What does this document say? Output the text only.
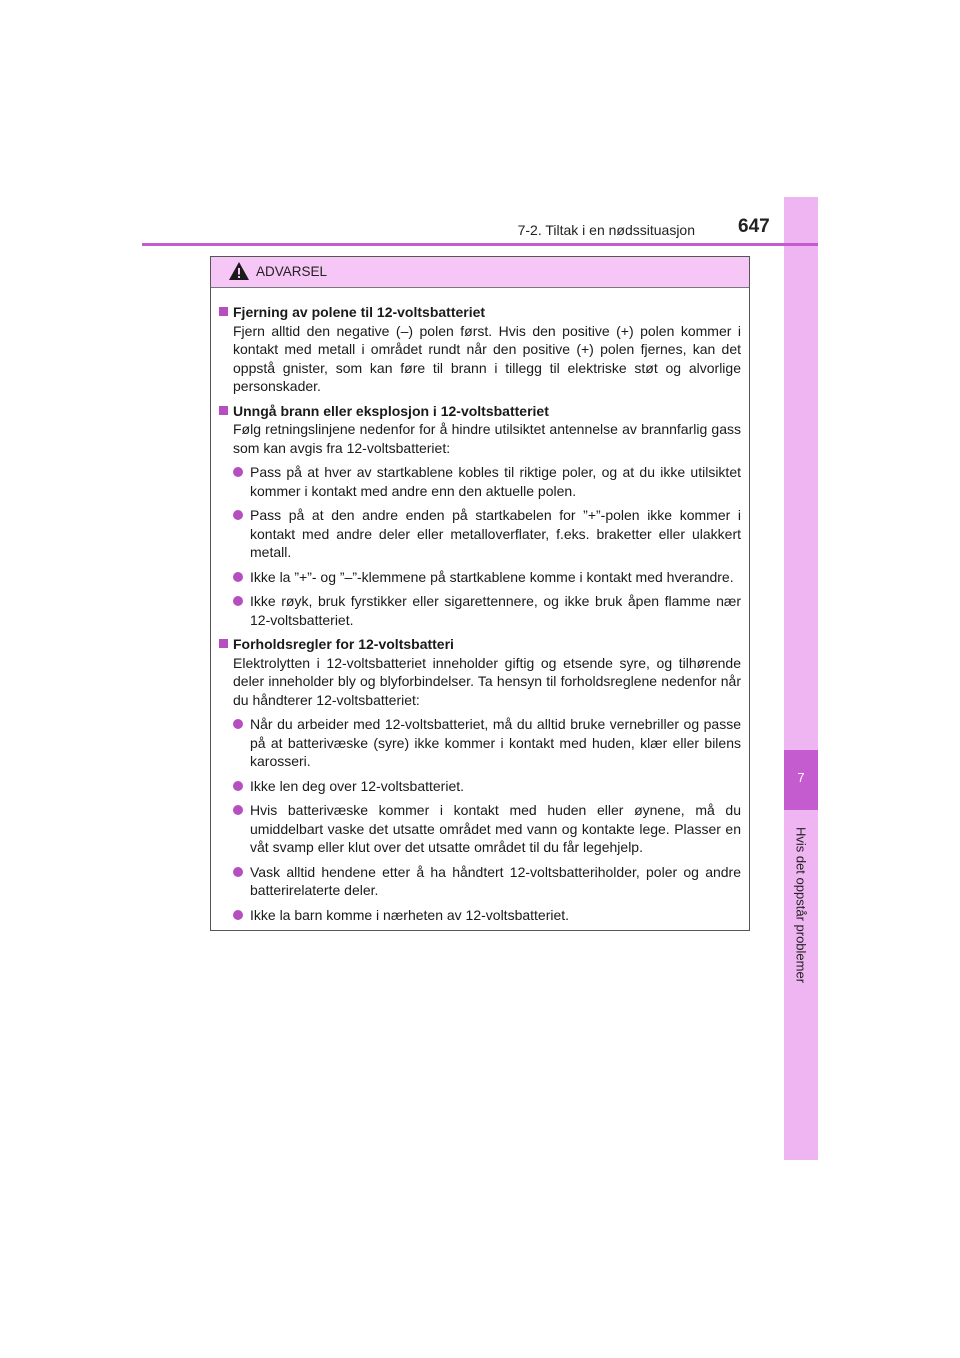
7
Hvis det oppstår problemer
7-2. Tiltak i en nødssituasjon 647
ADVARSEL
Fjerning av polene til 12-voltsbatteriet
Fjern alltid den negative (–) polen først. Hvis den positive (+) polen kommer i kontakt med metall i området rundt når den positive (+) polen fjernes, kan det oppstå gnister, som kan føre til brann i tillegg til elektriske støt og alvorlige personskader.
Unngå brann eller eksplosjon i 12-voltsbatteriet
Følg retningslinjene nedenfor for å hindre utilsiktet antennelse av brannfarlig gass som kan avgis fra 12-voltsbatteriet:
Pass på at hver av startkablene kobles til riktige poler, og at du ikke utilsiktet kommer i kontakt med andre enn den aktuelle polen.
Pass på at den andre enden på startkabelen for ”+”-polen ikke kommer i kontakt med andre deler eller metalloverflater, f.eks. braketter eller ulakkert metall.
Ikke la ”+”- og ”–”-klemmene på startkablene komme i kontakt med hverandre.
Ikke røyk, bruk fyrstikker eller sigarettennere, og ikke bruk åpen flamme nær 12-voltsbatteriet.
Forholdsregler for 12-voltsbatteri
Elektrolytten i 12-voltsbatteriet inneholder giftig og etsende syre, og tilhørende deler inneholder bly og blyforbindelser. Ta hensyn til forholdsreglene nedenfor når du håndterer 12-voltsbatteriet:
Når du arbeider med 12-voltsbatteriet, må du alltid bruke vernebriller og passe på at batterivæske (syre) ikke kommer i kontakt med huden, klær eller bilens karosseri.
Ikke len deg over 12-voltsbatteriet.
Hvis batterivæske kommer i kontakt med huden eller øynene, må du umiddelbart vaske det utsatte området med vann og kontakte lege. Plasser en våt svamp eller klut over det utsatte området til du får legehjelp.
Vask alltid hendene etter å ha håndtert 12-voltsbatteriholder, poler og andre batterirelaterte deler.
Ikke la barn komme i nærheten av 12-voltsbatteriet.
